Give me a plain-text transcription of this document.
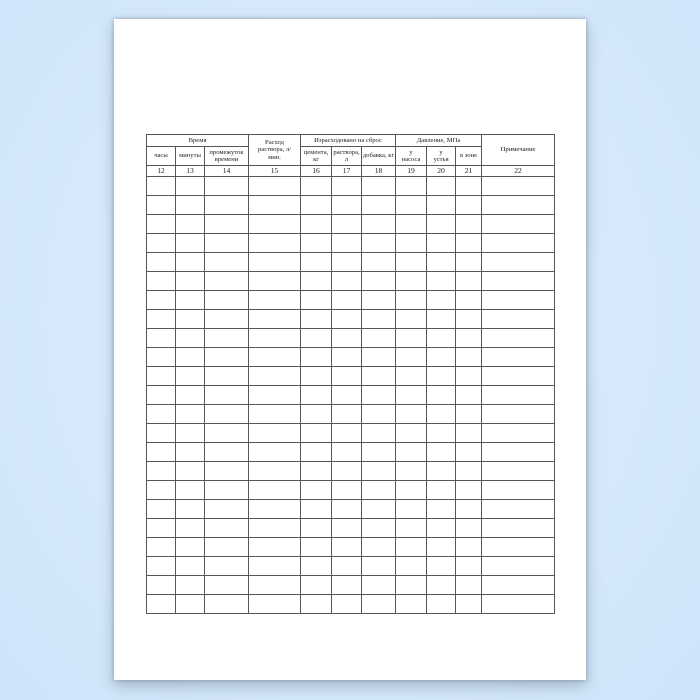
Время			Расход раствора, л/мин.	Израсходовано на сброс			Давление, МПа			Примечание
часы	минуты	промежуток времени		цемента, кг	раствора, л	добавка, кг	у насоса	у устья	в зоне	
12	13	14	15	16	17	18	19	20	21	22
